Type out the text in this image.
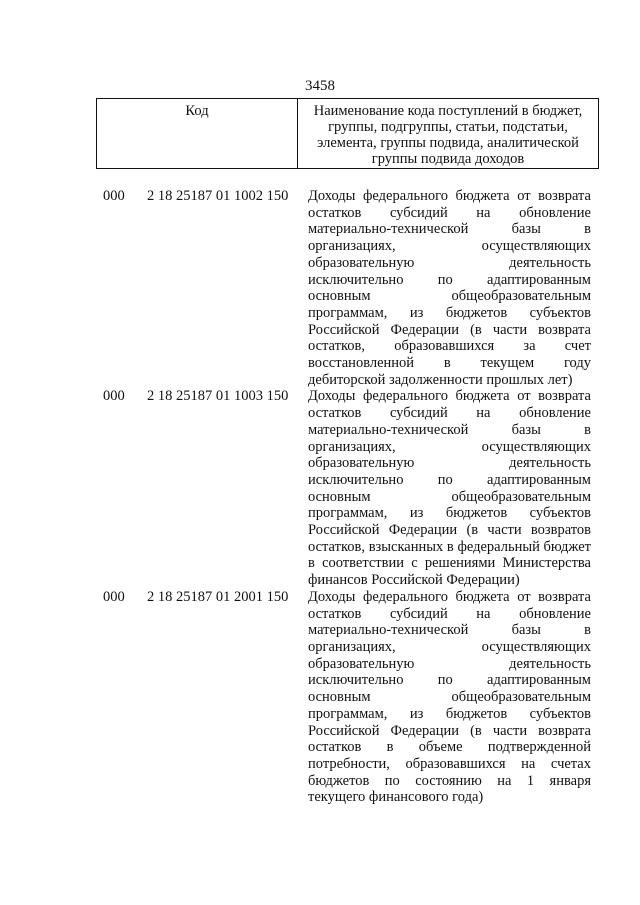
3458
Код	Наименование кода поступлений в бюджет, группы, подгруппы, статьи, подстатьи, элемента, группы подвида, аналитической группы подвида доходов
000	2 18 25187 01 1002 150	Доходы федерального бюджета от возврата остатков субсидий на обновление материально-технической базы в организациях, осуществляющих образовательную деятельность исключительно по адаптированным основным общеобразовательным программам, из бюджетов субъектов Российской Федерации (в части возврата остатков, образовавшихся за счет восстановленной в текущем году дебиторской задолженности прошлых лет)
000	2 18 25187 01 1003 150	Доходы федерального бюджета от возврата остатков субсидий на обновление материально-технической базы в организациях, осуществляющих образовательную деятельность исключительно по адаптированным основным общеобразовательным программам, из бюджетов субъектов Российской Федерации (в части возвратов остатков, взысканных в федеральный бюджет в соответствии с решениями Министерства финансов Российской Федерации)
000	2 18 25187 01 2001 150	Доходы федерального бюджета от возврата остатков субсидий на обновление материально-технической базы в организациях, осуществляющих образовательную деятельность исключительно по адаптированным основным общеобразовательным программам, из бюджетов субъектов Российской Федерации (в части возврата остатков в объеме подтвержденной потребности, образовавшихся на счетах бюджетов по состоянию на 1 января текущего финансового года)
